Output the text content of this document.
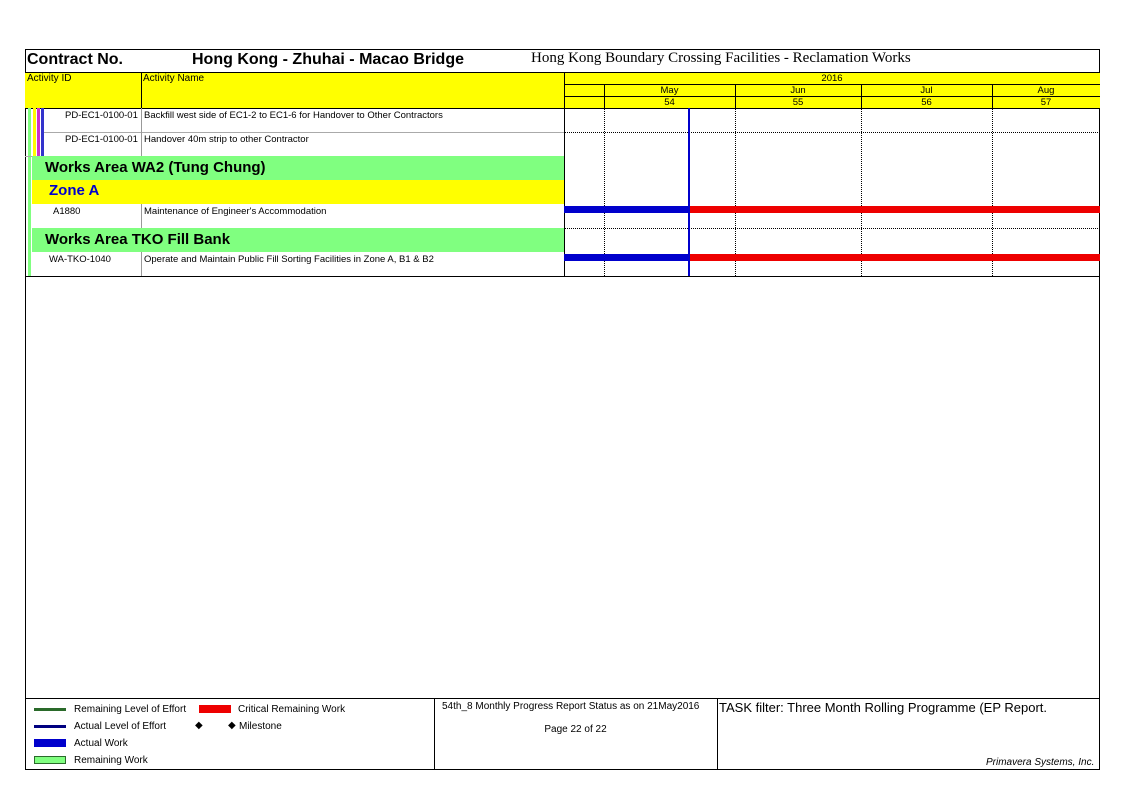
Contract No.	Hong Kong - Zhuhai - Macao Bridge	Hong Kong Boundary Crossing Facilities - Reclamation Works
Activity ID	Activity Name	2016
May	Jun	Jul	Aug
54	55	56	57
PD-EC1-0100-01 Backfill west side of EC1-2 to EC1-6 for Handover to Other Contractors
PD-EC1-0100-01 Handover 40m strip to other Contractor
Works Area WA2 (Tung Chung)
Zone A
A1880	Maintenance of Engineer's Accommodation
Works Area TKO Fill Bank
WA-TKO-1040	Operate and Maintain Public Fill Sorting Facilities in Zone A, B1 & B2
Remaining Level of Effort	Critical Remaining Work
Actual Level of Effort	◆	◆ Milestone
Actual Work
Remaining Work
54th_8 Monthly Progress Report Status as on 21May2016
Page 22 of 22
TASK filter: Three Month Rolling Programme (EP Report.
Primavera Systems, Inc.
